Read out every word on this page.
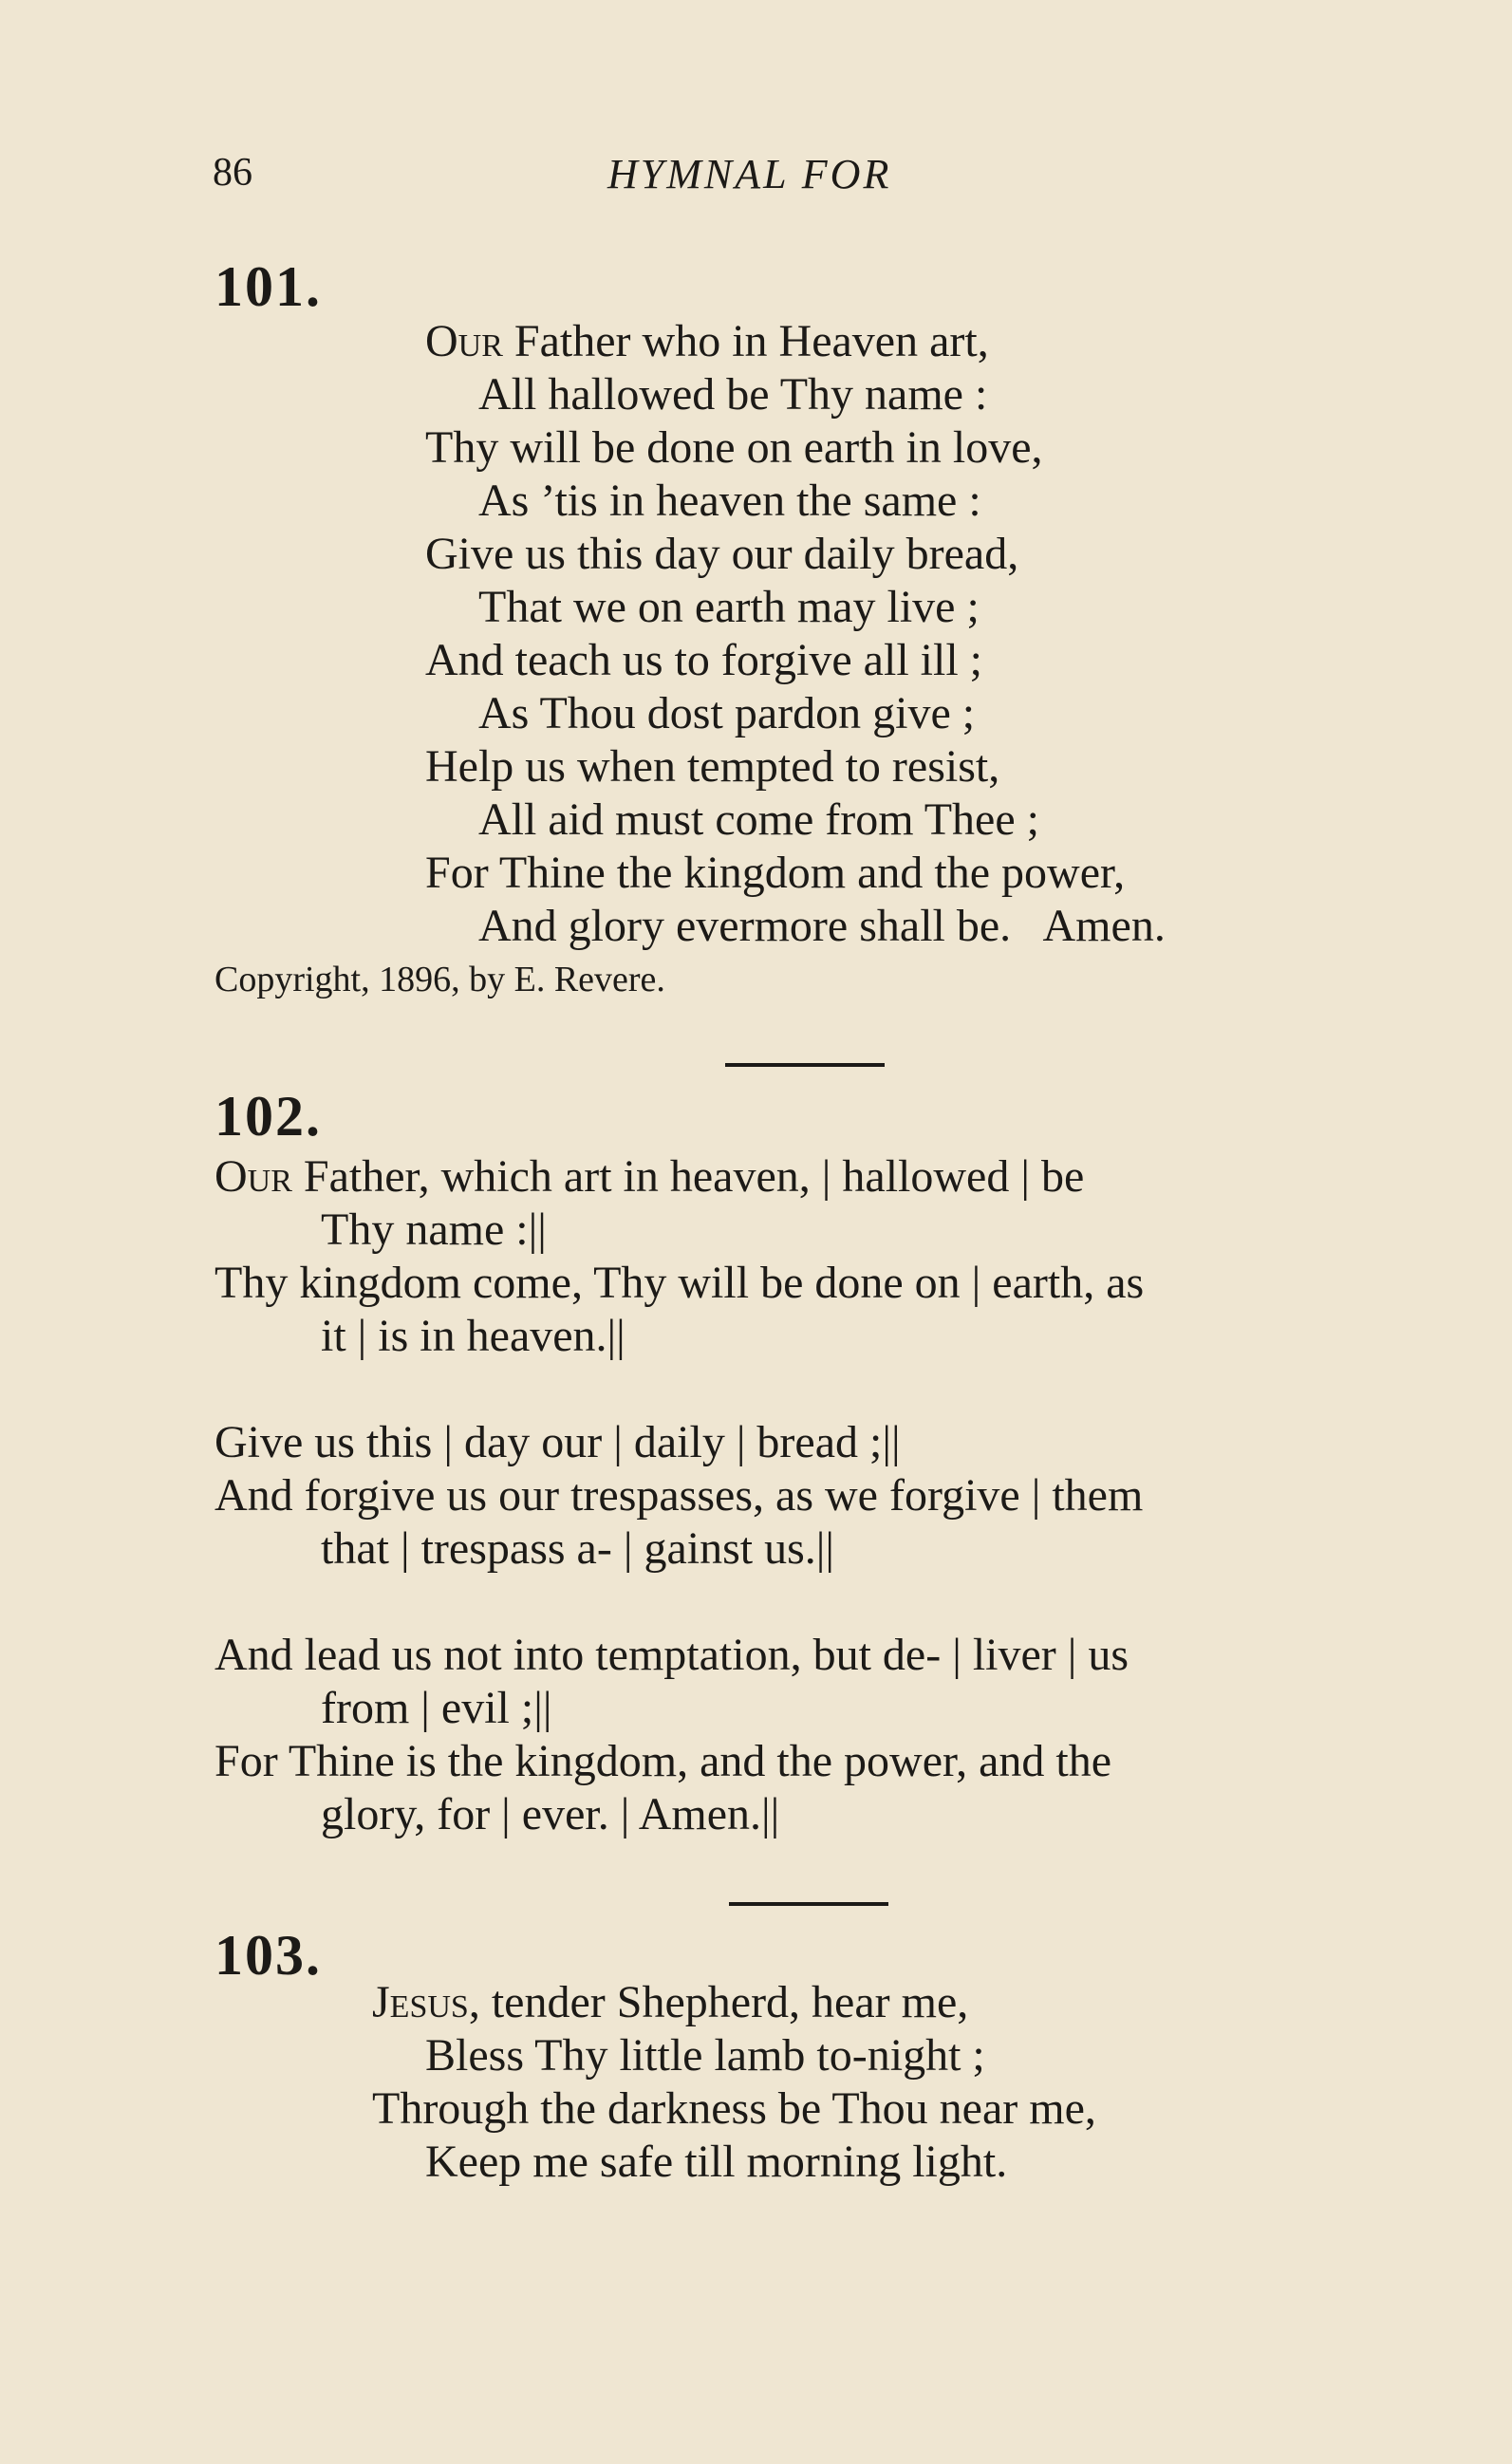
86	HYMNAL FOR
101.
Our Father who in Heaven art,
All hallowed be Thy name :
Thy will be done on earth in love,
As ’tis in heaven the same :
Give us this day our daily bread,
That we on earth may live ;
And teach us to forgive all ill ;
As Thou dost pardon give ;
Help us when tempted to resist,
All aid must come from Thee ;
For Thine the kingdom and the power,
And glory evermore shall be.   Amen.
Copyright, 1896, by E. Revere.
102.
Our Father, which art in heaven, | hallowed | be
Thy name :||
Thy kingdom come, Thy will be done on | earth, as
it | is in heaven.||
Give us this | day our | daily | bread ;||
And forgive us our trespasses, as we forgive | them
that | trespass a- | gainst us.||
And lead us not into temptation, but de- | liver | us
from | evil ;||
For Thine is the kingdom, and the power, and the
glory, for | ever. | Amen.||
103.
Jesus, tender Shepherd, hear me,
Bless Thy little lamb to-night ;
Through the darkness be Thou near me,
Keep me safe till morning light.
